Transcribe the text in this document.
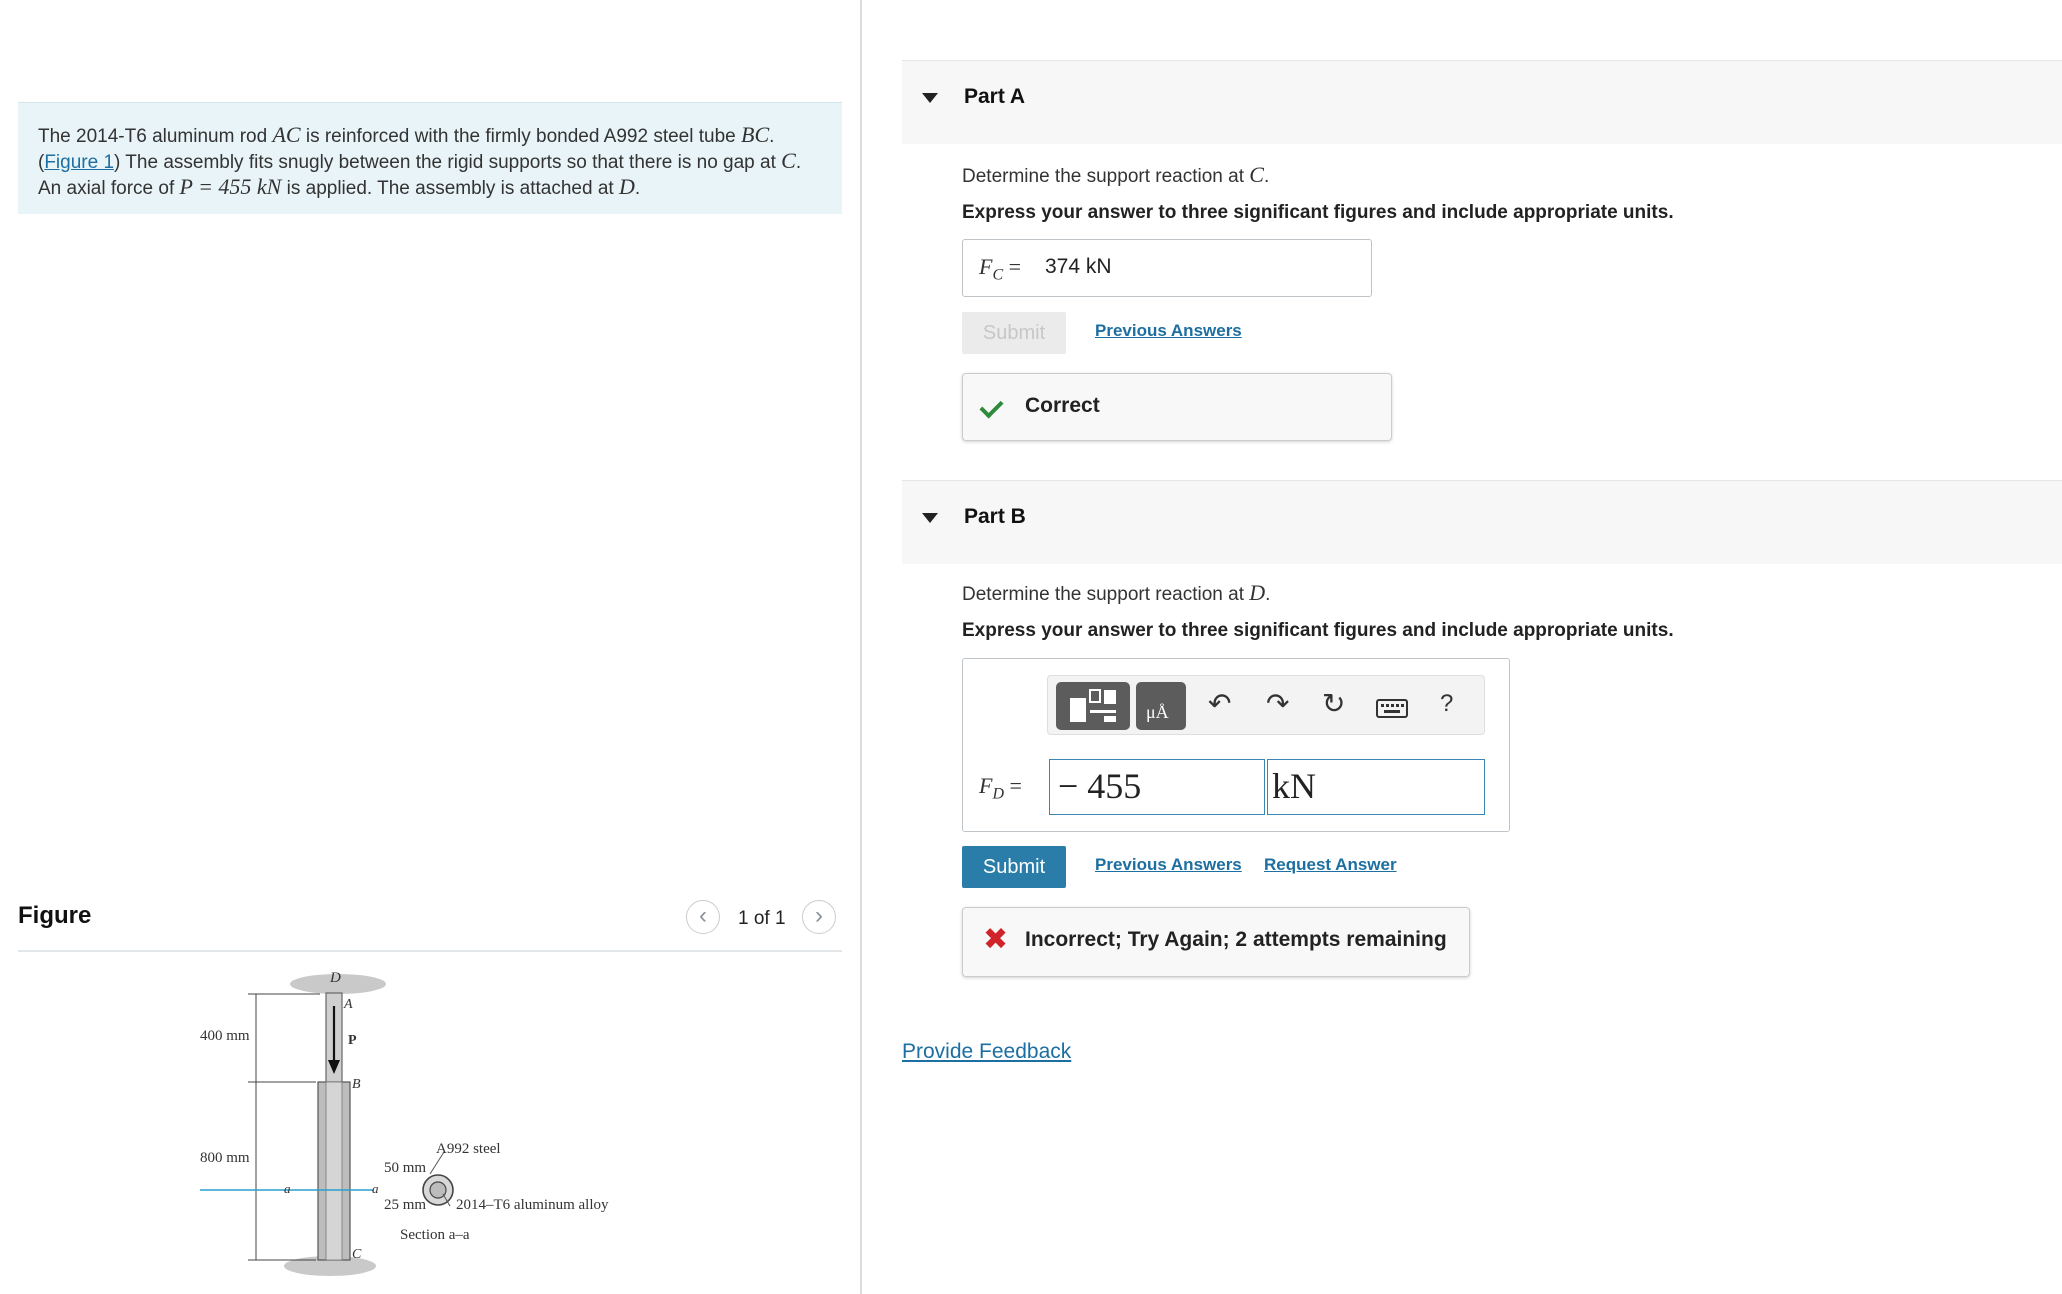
The 2014-T6 aluminum rod AC is reinforced with the firmly bonded A992 steel tube BC. (Figure 1) The assembly fits snugly between the rigid supports so that there is no gap at C. An axial force of P = 455 kN is applied. The assembly is attached at D.
Figure	‹	1 of 1	›
D
A
P
B
C
400 mm
800 mm
a	a
A992 steel
50 mm
25 mm 2014–T6 aluminum alloy
Section a–a
Part A
Determine the support reaction at C.
Express your answer to three significant figures and include appropriate units.
$F_C = 374$ kN
Submit	Previous Answers
Correct
Part B
Determine the support reaction at D.
Express your answer to three significant figures and include appropriate units.
μÅ ↶ ↷ ↻	?
$F_D$ = − 455	kN
Submit	Previous Answers Request Answer
✖ Incorrect; Try Again; 2 attempts remaining
Provide Feedback
